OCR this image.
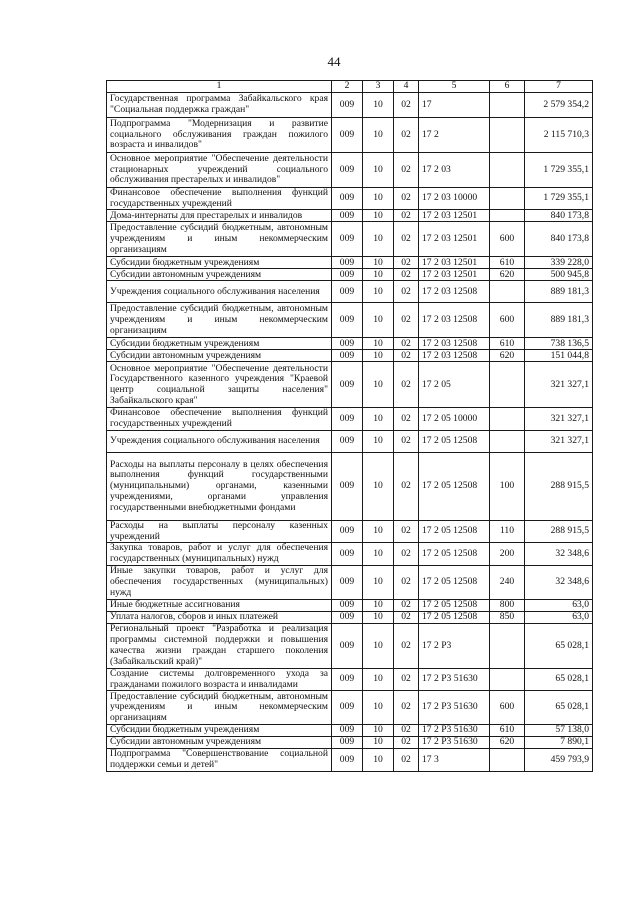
44
1	2	3	4	5	6	7
Государственная программа Забайкальского края "Социальная поддержка граждан"	009	10	02	17		2 579 354,2
Подпрограмма "Модернизация и развитие социального обслуживания граждан пожилого возраста и инвалидов"	009	10	02	17 2		2 115 710,3
Основное мероприятие "Обеспечение деятельности стационарных учреждений социального обслуживания престарелых и инвалидов"	009	10	02	17 2 03		1 729 355,1
Финансовое обеспечение выполнения функций государственных учреждений	009	10	02	17 2 03 10000		1 729 355,1
Дома-интернаты для престарелых и инвалидов	009	10	02	17 2 03 12501		840 173,8
Предоставление субсидий бюджетным, автономным учреждениям и иным некоммерческим организациям	009	10	02	17 2 03 12501	600	840 173,8
Субсидии бюджетным учреждениям	009	10	02	17 2 03 12501	610	339 228,0
Субсидии автономным учреждениям	009	10	02	17 2 03 12501	620	500 945,8
Учреждения социального обслуживания населения	009	10	02	17 2 03 12508		889 181,3
Предоставление субсидий бюджетным, автономным учреждениям и иным некоммерческим организациям	009	10	02	17 2 03 12508	600	889 181,3
Субсидии бюджетным учреждениям	009	10	02	17 2 03 12508	610	738 136,5
Субсидии автономным учреждениям	009	10	02	17 2 03 12508	620	151 044,8
Основное мероприятие "Обеспечение деятельности Государственного казенного учреждения "Краевой центр социальной защиты населения" Забайкальского края"	009	10	02	17 2 05		321 327,1
Финансовое обеспечение выполнения функций государственных учреждений	009	10	02	17 2 05 10000		321 327,1
Учреждения социального обслуживания населения	009	10	02	17 2 05 12508		321 327,1
Расходы на выплаты персоналу в целях обеспечения выполнения функций государственными (муниципальными) органами, казенными учреждениями, органами управления государственными внебюджетными фондами	009	10	02	17 2 05 12508	100	288 915,5
Расходы на выплаты персоналу казенных учреждений	009	10	02	17 2 05 12508	110	288 915,5
Закупка товаров, работ и услуг для обеспечения государственных (муниципальных) нужд	009	10	02	17 2 05 12508	200	32 348,6
Иные закупки товаров, работ и услуг для обеспечения государственных (муниципальных) нужд	009	10	02	17 2 05 12508	240	32 348,6
Иные бюджетные ассигнования	009	10	02	17 2 05 12508	800	63,0
Уплата налогов, сборов и иных платежей	009	10	02	17 2 05 12508	850	63,0
Региональный проект "Разработка и реализация программы системной поддержки и повышения качества жизни граждан старшего поколения (Забайкальский край)"	009	10	02	17 2 P3		65 028,1
Создание системы долговременного ухода за гражданами пожилого возраста и инвалидами	009	10	02	17 2 P3 51630		65 028,1
Предоставление субсидий бюджетным, автономным учреждениям и иным некоммерческим организациям	009	10	02	17 2 P3 51630	600	65 028,1
Субсидии бюджетным учреждениям	009	10	02	17 2 P3 51630	610	57 138,0
Субсидии автономным учреждениям	009	10	02	17 2 P3 51630	620	7 890,1
Подпрограмма "Совершенствование социальной поддержки семьи и детей"	009	10	02	17 3		459 793,9
